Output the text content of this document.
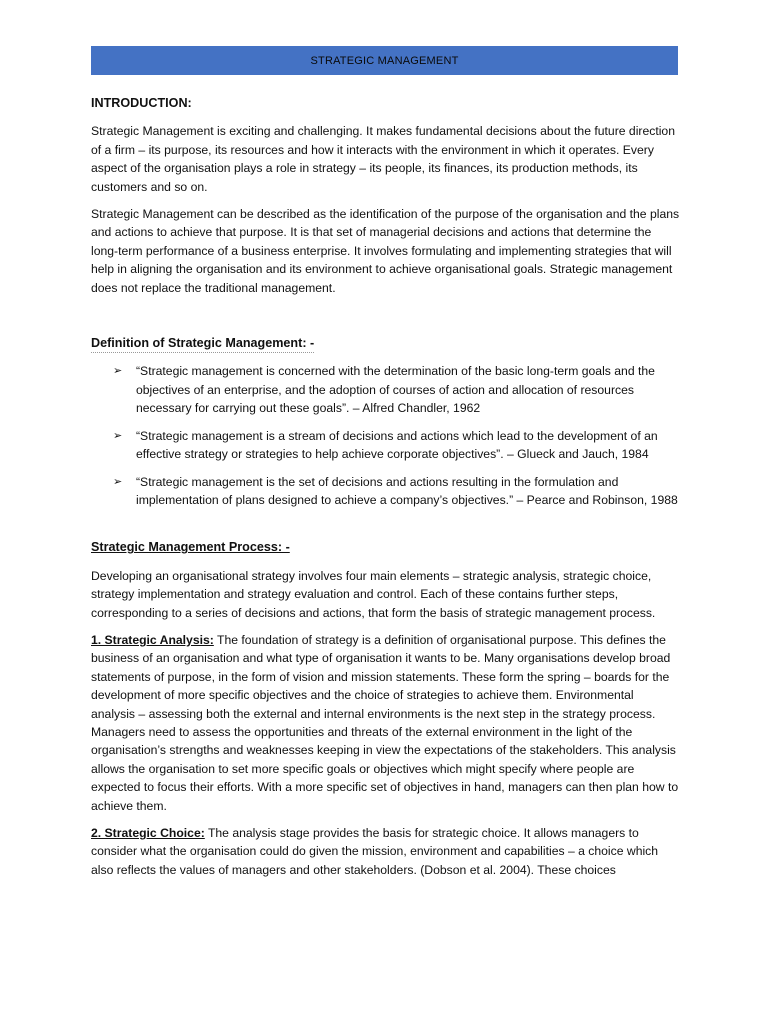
STRATEGIC MANAGEMENT
INTRODUCTION:

Strategic Management is exciting and challenging. It makes fundamental decisions about the future direction of a firm – its purpose, its resources and how it interacts with the environment in which it operates. Every aspect of the organisation plays a role in strategy – its people, its finances, its production methods, its customers and so on.

Strategic Management can be described as the identification of the purpose of the organisation and the plans and actions to achieve that purpose. It is that set of managerial decisions and actions that determine the long-term performance of a business enterprise. It involves formulating and implementing strategies that will help in aligning the organisation and its environment to achieve organisational goals. Strategic management does not replace the traditional management.

Definition of Strategic Management: -
➢ “Strategic management is concerned with the determination of the basic long-term goals and the objectives of an enterprise, and the adoption of courses of action and allocation of resources necessary for carrying out these goals”. – Alfred Chandler, 1962
➢ “Strategic management is a stream of decisions and actions which lead to the development of an effective strategy or strategies to help achieve corporate objectives”. – Glueck and Jauch, 1984
➢ “Strategic management is the set of decisions and actions resulting in the formulation and implementation of plans designed to achieve a company’s objectives.” – Pearce and Robinson, 1988
Strategic Management Process: -

Developing an organisational strategy involves four main elements – strategic analysis, strategic choice, strategy implementation and strategy evaluation and control. Each of these contains further steps, corresponding to a series of decisions and actions, that form the basis of strategic management process.

1. Strategic Analysis: The foundation of strategy is a definition of organisational purpose. This defines the business of an organisation and what type of organisation it wants to be. Many organisations develop broad statements of purpose, in the form of vision and mission statements. These form the spring – boards for the development of more specific objectives and the choice of strategies to achieve them. Environmental analysis – assessing both the external and internal environments is the next step in the strategy process. Managers need to assess the opportunities and threats of the external environment in the light of the organisation’s strengths and weaknesses keeping in view the expectations of the stakeholders. This analysis allows the organisation to set more specific goals or objectives which might specify where people are expected to focus their efforts. With a more specific set of objectives in hand, managers can then plan how to achieve them.

2. Strategic Choice: The analysis stage provides the basis for strategic choice. It allows managers to consider what the organisation could do given the mission, environment and capabilities – a choice which also reflects the values of managers and other stakeholders. (Dobson et al. 2004). These choices
